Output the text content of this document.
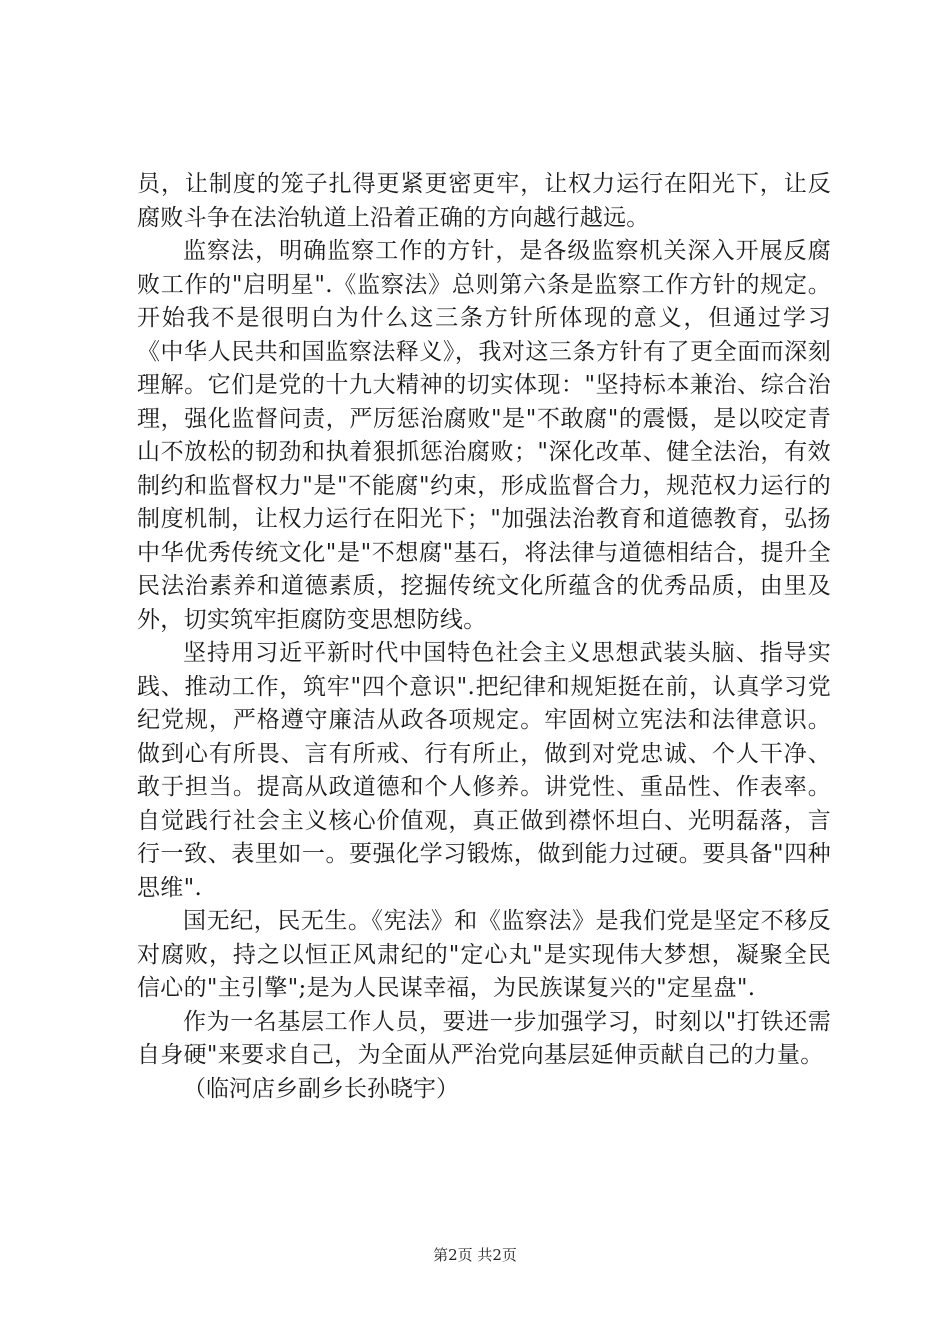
员，让制度的笼子扎得更紧更密更牢，让权力运行在阳光下，让反腐败斗争在法治轨道上沿着正确的方向越行越远。

监察法，明确监察工作的方针，是各级监察机关深入开展反腐败工作的"启明星".《监察法》总则第六条是监察工作方针的规定。开始我不是很明白为什么这三条方针所体现的意义，但通过学习《中华人民共和国监察法释义》，我对这三条方针有了更全面而深刻理解。它们是党的十九大精神的切实体现："坚持标本兼治、综合治理，强化监督问责，严厉惩治腐败"是"不敢腐"的震慑，是以咬定青山不放松的韧劲和执着狠抓惩治腐败；"深化改革、健全法治，有效制约和监督权力"是"不能腐"约束，形成监督合力，规范权力运行的制度机制，让权力运行在阳光下；"加强法治教育和道德教育，弘扬中华优秀传统文化"是"不想腐"基石，将法律与道德相结合，提升全民法治素养和道德素质，挖掘传统文化所蕴含的优秀品质，由里及外，切实筑牢拒腐防变思想防线。

坚持用习近平新时代中国特色社会主义思想武装头脑、指导实践、推动工作，筑牢"四个意识".把纪律和规矩挺在前，认真学习党纪党规，严格遵守廉洁从政各项规定。牢固树立宪法和法律意识。做到心有所畏、言有所戒、行有所止，做到对党忠诚、个人干净、敢于担当。提高从政道德和个人修养。讲党性、重品性、作表率。自觉践行社会主义核心价值观，真正做到襟怀坦白、光明磊落，言行一致、表里如一。要强化学习锻炼，做到能力过硬。要具备"四种思维".

国无纪，民无生。《宪法》和《监察法》是我们党是坚定不移反对腐败，持之以恒正风肃纪的"定心丸"是实现伟大梦想，凝聚全民信心的"主引擎";是为人民谋幸福，为民族谋复兴的"定星盘".

作为一名基层工作人员，要进一步加强学习，时刻以"打铁还需自身硬"来要求自己，为全面从严治党向基层延伸贡献自己的力量。

（临河店乡副乡长孙晓宇）

第2页 共2页
